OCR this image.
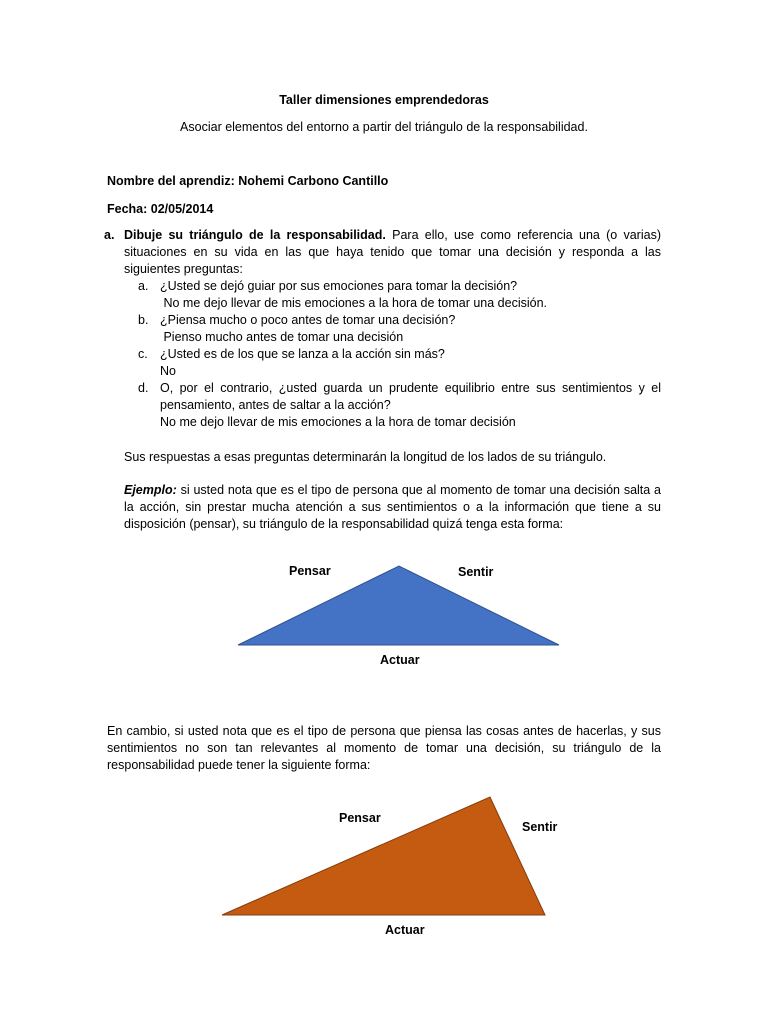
Taller dimensiones emprendedoras
Asociar elementos del entorno a partir del triángulo de la responsabilidad.
Nombre del aprendiz: Nohemi Carbono Cantillo
Fecha: 02/05/2014
a. Dibuje su triángulo de la responsabilidad. Para ello, use como referencia una (o varias) situaciones en su vida en las que haya tenido que tomar una decisión y responda a las siguientes preguntas:
a. ¿Usted se dejó guiar por sus emociones para tomar la decisión?
No me dejo llevar de mis emociones a la hora de tomar una decisión.
b. ¿Piensa mucho o poco antes de tomar una decisión?
Pienso mucho antes de tomar una decisión
c. ¿Usted es de los que se lanza a la acción sin más?
No
d. O, por el contrario, ¿usted guarda un prudente equilibrio entre sus sentimientos y el pensamiento, antes de saltar a la acción?
No me dejo llevar de mis emociones a la hora de tomar decisión
Sus respuestas a esas preguntas determinarán la longitud de los lados de su triángulo.
Ejemplo: si usted nota que es el tipo de persona que al momento de tomar una decisión salta a la acción, sin prestar mucha atención a sus sentimientos o a la información que tiene a su disposición (pensar), su triángulo de la responsabilidad quizá tenga esta forma:
Pensar	Sentir
Actuar
En cambio, si usted nota que es el tipo de persona que piensa las cosas antes de hacerlas, y sus sentimientos no son tan relevantes al momento de tomar una decisión, su triángulo de la responsabilidad puede tener la siguiente forma:
Pensar
Sentir
Actuar
